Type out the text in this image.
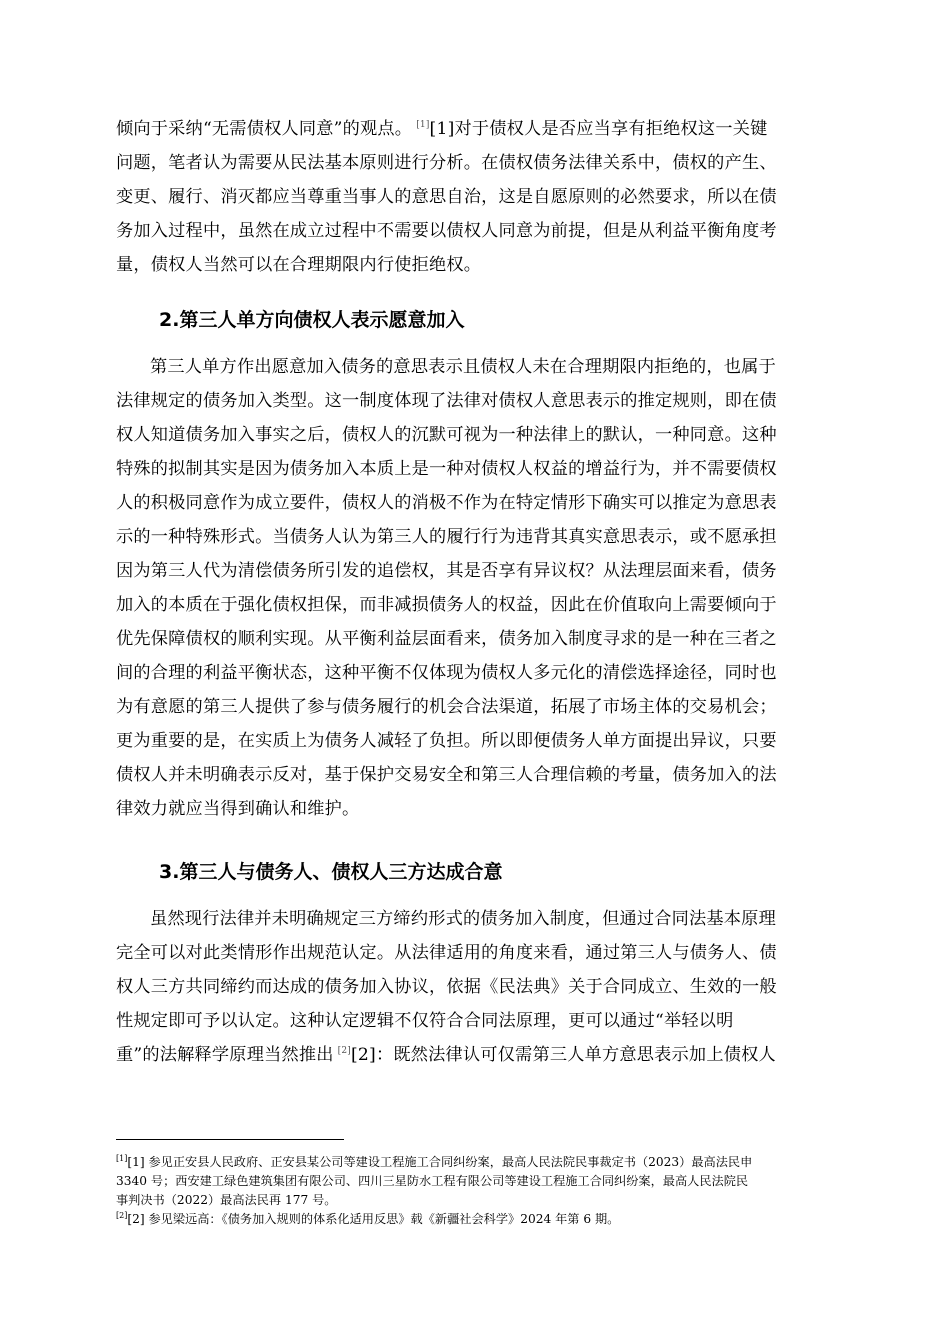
倾向于采纳“无需债权人同意”的观点。 [1][1]对于债权人是否应当享有拒绝权这一关键
问题，笔者认为需要从民法基本原则进行分析。在债权债务法律关系中，债权的产生、
变更、履行、消灭都应当尊重当事人的意思自治，这是自愿原则的必然要求，所以在债
务加入过程中，虽然在成立过程中不需要以债权人同意为前提，但是从利益平衡角度考
量，债权人当然可以在合理期限内行使拒绝权。
2.第三人单方向债权人表示愿意加入
第三人单方作出愿意加入债务的意思表示且债权人未在合理期限内拒绝的，也属于
法律规定的债务加入类型。这一制度体现了法律对债权人意思表示的推定规则，即在债
权人知道债务加入事实之后，债权人的沉默可视为一种法律上的默认，一种同意。这种
特殊的拟制其实是因为债务加入本质上是一种对债权人权益的增益行为，并不需要债权
人的积极同意作为成立要件，债权人的消极不作为在特定情形下确实可以推定为意思表
示的一种特殊形式。当债务人认为第三人的履行行为违背其真实意思表示，或不愿承担
因为第三人代为清偿债务所引发的追偿权，其是否享有异议权？从法理层面来看，债务
加入的本质在于强化债权担保，而非减损债务人的权益，因此在价值取向上需要倾向于
优先保障债权的顺利实现。从平衡利益层面看来，债务加入制度寻求的是一种在三者之
间的合理的利益平衡状态，这种平衡不仅体现为债权人多元化的清偿选择途径，同时也
为有意愿的第三人提供了参与债务履行的机会合法渠道，拓展了市场主体的交易机会；
更为重要的是，在实质上为债务人减轻了负担。所以即便债务人单方面提出异议，只要
债权人并未明确表示反对，基于保护交易安全和第三人合理信赖的考量，债务加入的法
律效力就应当得到确认和维护。
3.第三人与债务人、债权人三方达成合意
虽然现行法律并未明确规定三方缔约形式的债务加入制度，但通过合同法基本原理
完全可以对此类情形作出规范认定。从法律适用的角度来看，通过第三人与债务人、债
权人三方共同缔约而达成的债务加入协议，依据《民法典》关于合同成立、生效的一般
性规定即可予以认定。这种认定逻辑不仅符合合同法原理，更可以通过“举轻以明
重”的法解释学原理当然推出 [2][2]：既然法律认可仅需第三人单方意思表示加上债权人
[1][1] 参见正安县人民政府、正安县某公司等建设工程施工合同纠纷案，最高人民法院民事裁定书（2023）最高法民申
3340 号；西安建工绿色建筑集团有限公司、四川三星防水工程有限公司等建设工程施工合同纠纷案，最高人民法院民
事判决书（2022）最高法民再 177 号。
[2][2] 参见梁远高：《债务加入规则的体系化适用反思》载《新疆社会科学》2024 年第 6 期。
